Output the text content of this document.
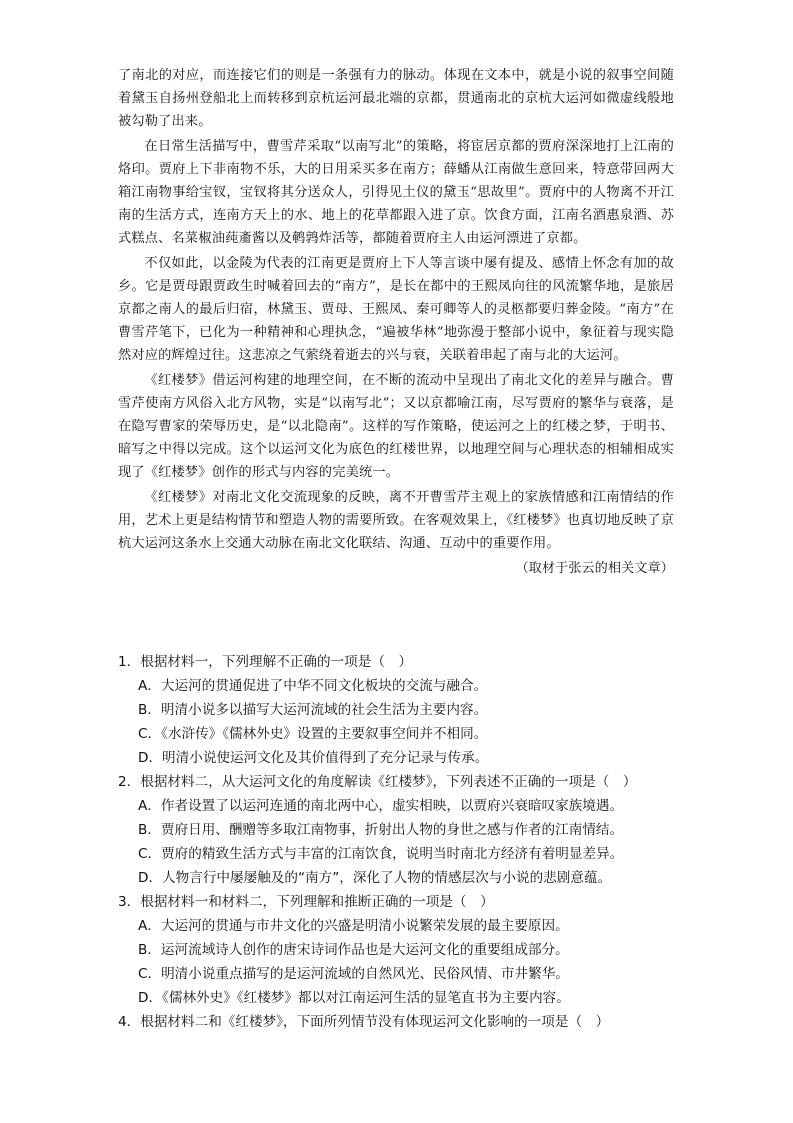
了南北的对应，而连接它们的则是一条强有力的脉动。体现在文本中，就是小说的叙事空间随着黛玉自扬州登船北上而转移到京杭运河最北端的京都，贯通南北的京杭大运河如微虚线般地被勾勒了出来。

在日常生活描写中，曹雪芹采取“以南写北”的策略，将宦居京都的贾府深深地打上江南的烙印。贾府上下非南物不乐，大的日用采买多在南方；薛蟠从江南做生意回来，特意带回两大箱江南物事给宝钗，宝钗将其分送众人，引得见土仪的黛玉“思故里”。贾府中的人物离不开江南的生活方式，连南方天上的水、地上的花草都跟入进了京。饮食方面，江南名酒惠泉酒、苏式糕点、名菜椒油莼齑酱以及鹌鹑炸活等，都随着贾府主人由运河漂进了京都。

不仅如此，以金陵为代表的江南更是贾府上下人等言谈中屡有提及、感情上怀念有加的故乡。它是贾母跟贾政生时喊着回去的“南方”，是长在都中的王熙凤向往的风流繁华地，是旅居京都之南人的最后归宿，林黛玉、贾母、王熙凤、秦可卿等人的灵柩都要归葬金陵。“南方”在曹雪芹笔下，已化为一种精神和心理执念，“遍被华林”地弥漫于整部小说中，象征着与现实隐然对应的辉煌过往。这悲凉之气萦绕着逝去的兴与衰，关联着串起了南与北的大运河。

《红楼梦》借运河构建的地理空间，在不断的流动中呈现出了南北文化的差异与融合。曹雪芹使南方风俗入北方风物，实是“以南写北”；又以京都喻江南，尽写贾府的繁华与衰落，是在隐写曹家的荣辱历史，是“以北隐南”。这样的写作策略，使运河之上的红楼之梦，于明书、暗写之中得以完成。这个以运河文化为底色的红楼世界，以地理空间与心理状态的相辅相成实现了《红楼梦》创作的形式与内容的完美统一。

《红楼梦》对南北文化交流现象的反映，离不开曹雪芹主观上的家族情感和江南情结的作用，艺术上更是结构情节和塑造人物的需要所致。在客观效果上，《红楼梦》也真切地反映了京杭大运河这条水上交通大动脉在南北文化联结、沟通、互动中的重要作用。

（取材于张云的相关文章）

1．根据材料一，下列理解不正确的一项是（　）
A．大运河的贯通促进了中华不同文化板块的交流与融合。
B．明清小说多以描写大运河流域的社会生活为主要内容。
C．《水浒传》《儒林外史》设置的主要叙事空间并不相同。
D．明清小说使运河文化及其价值得到了充分记录与传承。
2．根据材料二，从大运河文化的角度解读《红楼梦》，下列表述不正确的一项是（　）
A．作者设置了以运河连通的南北两中心，虚实相映，以贾府兴衰暗叹家族境遇。
B．贾府日用、酬赠等多取江南物事，折射出人物的身世之感与作者的江南情结。
C．贾府的精致生活方式与丰富的江南饮食，说明当时南北方经济有着明显差异。
D．人物言行中屡屡触及的“南方”，深化了人物的情感层次与小说的悲剧意蕴。
3．根据材料一和材料二，下列理解和推断正确的一项是（　）
A．大运河的贯通与市井文化的兴盛是明清小说繁荣发展的最主要原因。
B．运河流域诗人创作的唐宋诗词作品也是大运河文化的重要组成部分。
C．明清小说重点描写的是运河流域的自然风光、民俗风情、市井繁华。
D．《儒林外史》《红楼梦》都以对江南运河生活的显笔直书为主要内容。
4．根据材料二和《红楼梦》，下面所列情节没有体现运河文化影响的一项是（　）
